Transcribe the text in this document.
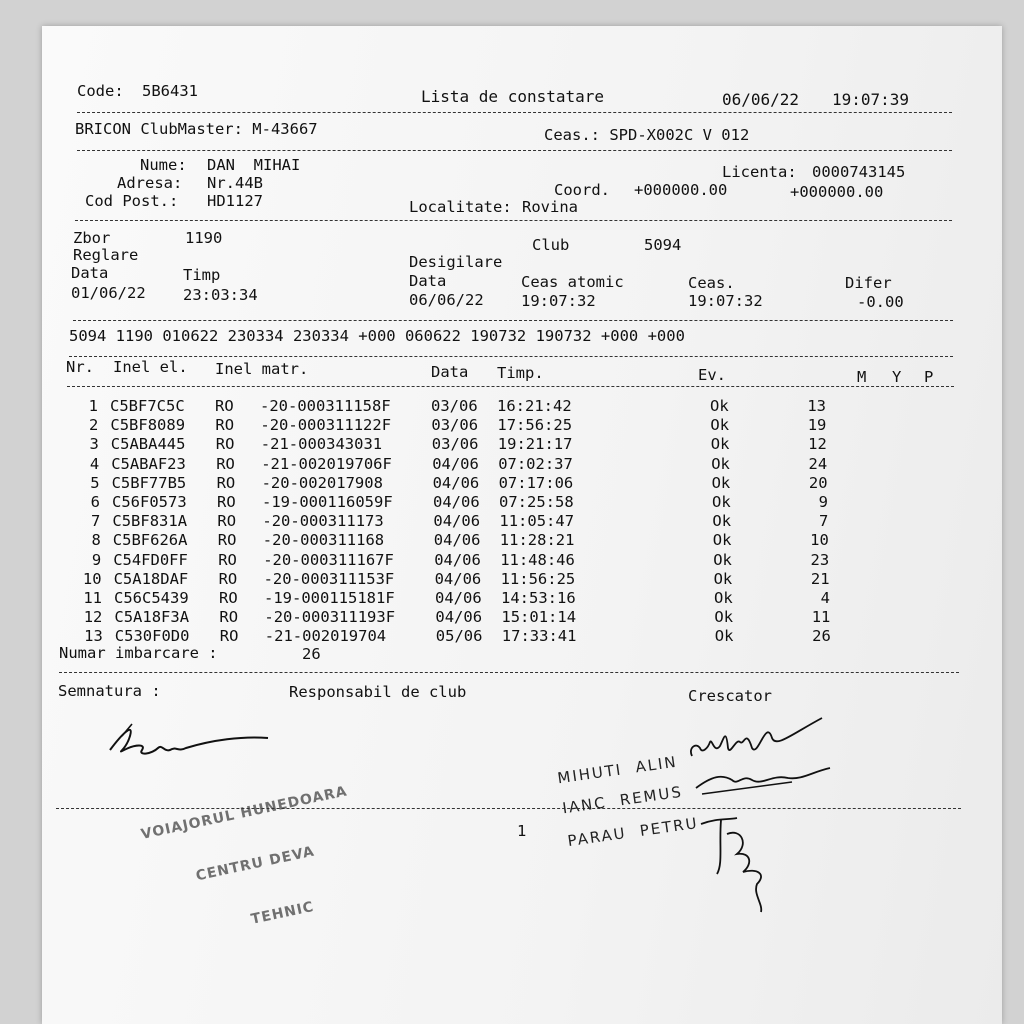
Code: 5B6431	Lista de constatare	06/06/22 19:07:39
BRICON ClubMaster: M-43667	Ceas.: SPD-X002C V 012
Nume: DAN  MIHAI
Adresa: Nr.44B
Cod Post.: HD1127
Licenta: 0000743145
Coord. +000000.00	+000000.00
Localitate: Rovina
Zbor	1190	Club	5094
Reglare	Desigilare
Data	Timp	Data	Ceas atomic	Ceas.	Difer
01/06/22 23:03:34	06/06/22 19:07:32	19:07:32	-0.00
5094 1190 010622 230334 230334 +000 060622 190732 190732 +000 +000
Nr. Inel el. Inel matr.	Data Timp.	Ev.	M Y P
1 C5BF7C5C RO -20-000311158F	03/06 16:21:42	Ok	13
2 C5BF8089 RO -20-000311122F	03/06 17:56:25	Ok	19
3 C5ABA445 RO -21-000343031	03/06 19:21:17	Ok	12
4 C5ABAF23 RO -21-002019706F	04/06 07:02:37	Ok	24
5 C5BF77B5 RO -20-002017908	04/06 07:17:06	Ok	20
6 C56F0573 RO -19-000116059F	04/06 07:25:58	Ok	9
7 C5BF831A RO -20-000311173	04/06 11:05:47	Ok	7
8 C5BF626A RO -20-000311168	04/06 11:28:21	Ok	10
9 C54FD0FF RO -20-000311167F	04/06 11:48:46	Ok	23
10 C5A18DAF RO -20-000311153F	04/06 11:56:25	Ok	21
11 C56C5439 RO -19-000115181F	04/06 14:53:16	Ok	4
12 C5A18F3A RO -20-000311193F	04/06 15:01:14	Ok	11
13 C530F0D0 RO -21-002019704	05/06 17:33:41	Ok	26
Numar imbarcare :	26
Semnatura :	Responsabil de club	Crescator

VOIAJORUL HUNEDOARA

CENTRU DEVA

TEHNIC

MIHUTI  ALIN
IANC  REMUS
PARAU  PETRU
1
